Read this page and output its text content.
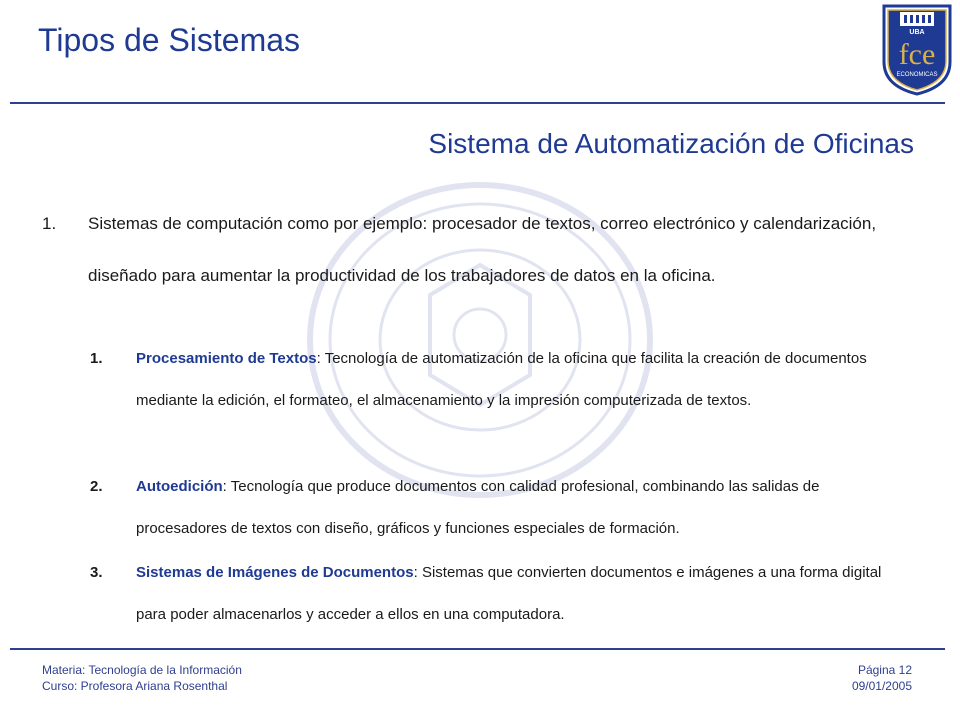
Tipos de Sistemas	UBA
fce
ECONOMICAS
Sistema de Automatización de Oficinas
1. Sistemas de computación como por ejemplo: procesador de textos, correo electrónico y calendarización, diseñado para aumentar la productividad de los trabajadores de datos en la oficina.
1. Procesamiento de Textos: Tecnología de automatización de la oficina que facilita la creación de documentos mediante la edición, el formateo, el almacenamiento y la impresión computerizada de textos.
2. Autoedición: Tecnología que produce documentos con calidad profesional, combinando las salidas de procesadores de textos con diseño, gráficos y funciones especiales de formación.
3. Sistemas de Imágenes de Documentos: Sistemas que convierten documentos e imágenes a una forma digital para poder almacenarlos y acceder a ellos en una computadora.
Materia: Tecnología de la Información
Curso: Profesora Ariana Rosenthal
Página 12
09/01/2005
